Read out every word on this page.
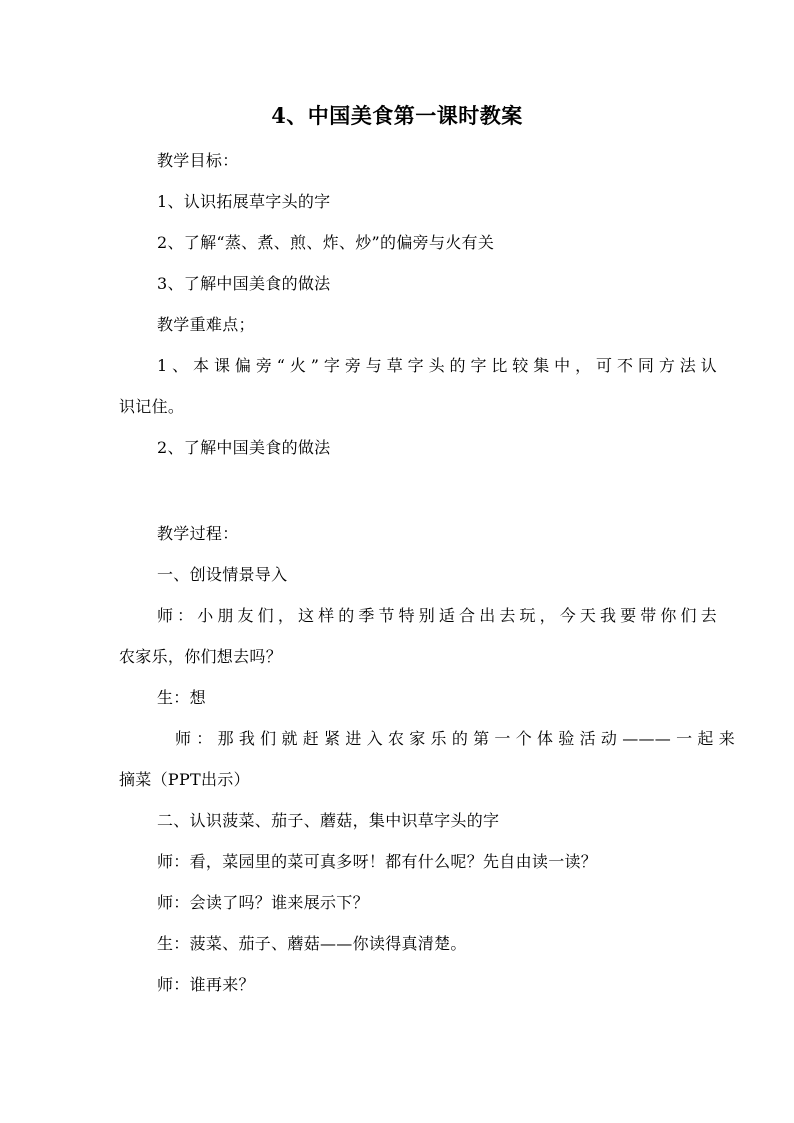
4、中国美食第一课时教案
教学目标：
1、认识拓展草字头的字
2、了解“蒸、煮、煎、炸、炒”的偏旁与火有关
3、了解中国美食的做法
教学重难点；
1、本课偏旁“火”字旁与草字头的字比较集中，可不同方法认
识记住。
2、了解中国美食的做法
教学过程：
一、创设情景导入
师：小朋友们，这样的季节特别适合出去玩，今天我要带你们去
农家乐，你们想去吗？
生：想
师：那我们就赶紧进入农家乐的第一个体验活动———一起来
摘菜（PPT出示）
二、认识菠菜、茄子、蘑菇，集中识草字头的字
师：看，菜园里的菜可真多呀！都有什么呢？先自由读一读？
师：会读了吗？谁来展示下？
生：菠菜、茄子、蘑菇——你读得真清楚。
师：谁再来？
